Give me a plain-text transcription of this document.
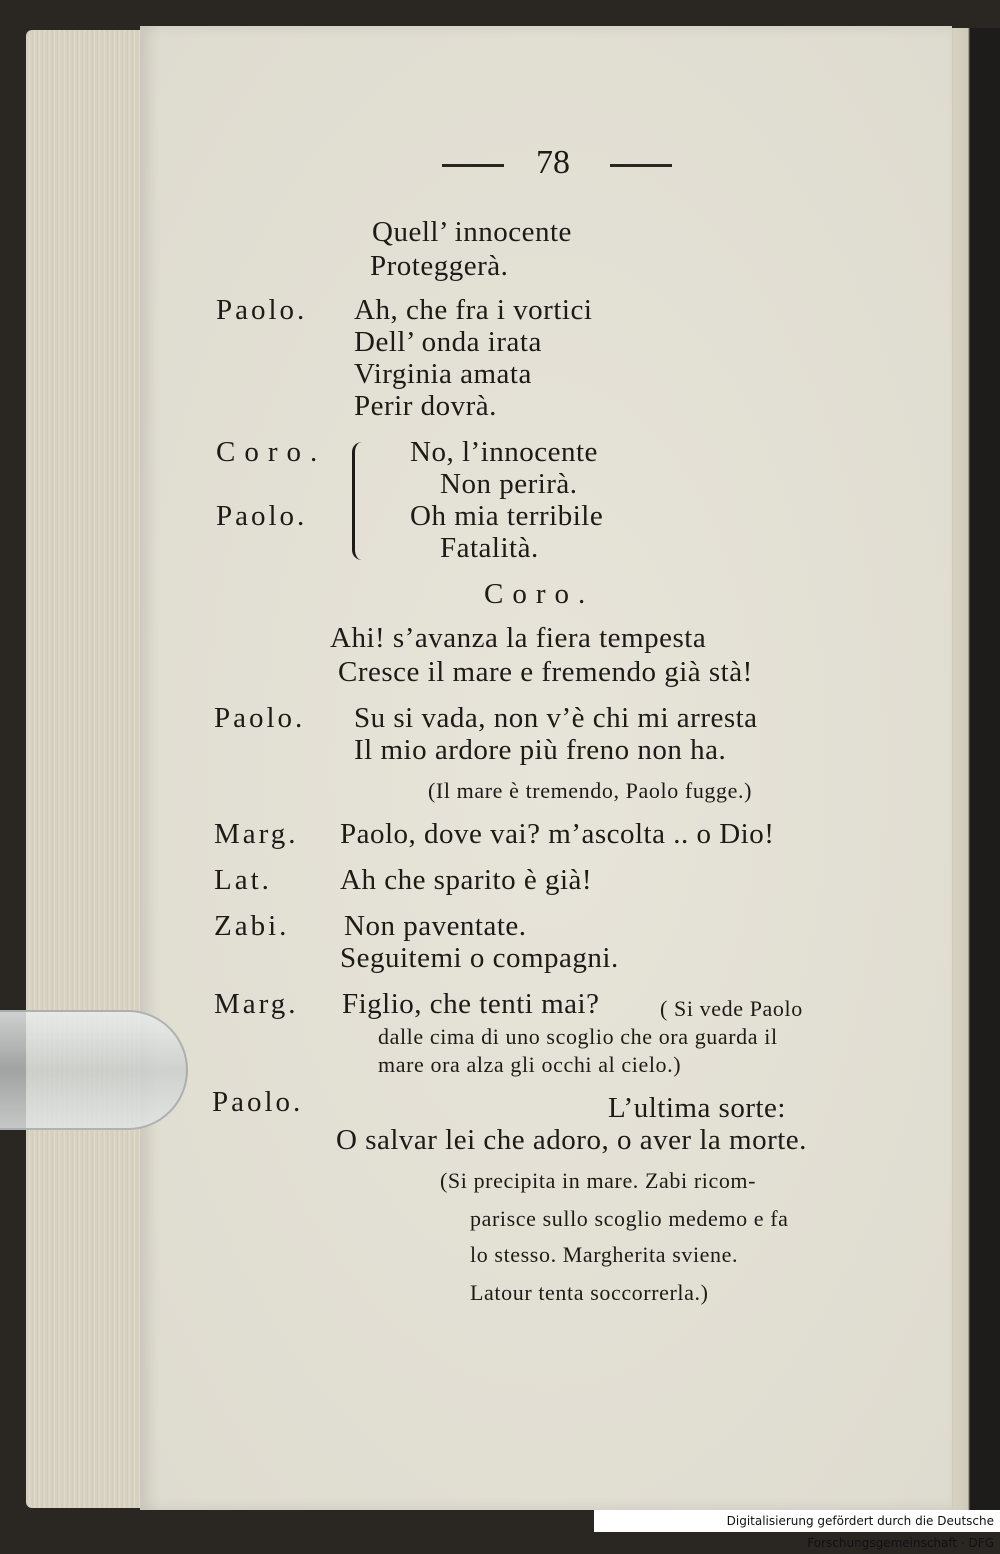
78
Quell’ innocente
Proteggerà.
Paolo. Ah, che fra i vortici
Dell’ onda irata
Virginia amata
Perir dovrà.
Coro.	No, l’innocente
Non perirà.
Paolo.	Oh mia terribile
Fatalità.
Coro.
Ahi! s’avanza la fiera tempesta
Cresce il mare e fremendo già stà!
Paolo. Su si vada, non v’è chi mi arresta
Il mio ardore più freno non ha.
(Il mare è tremendo, Paolo fugge.)
Marg. Paolo, dove vai? m’ascolta .. o Dio!
Lat. Ah che sparito è già!
Zabi. Non paventate.
Seguitemi o compagni.
Marg. Figlio, che tenti mai?	( Si vede Paolo
dalle cima di uno scoglio che ora guarda il
mare ora alza gli occhi al cielo.)
Paolo.	L’ultima sorte:
O salvar lei che adoro, o aver la morte.
(Si precipita in mare. Zabi ricom-
parisce sullo scoglio medemo e fa
lo stesso. Margherita sviene.
Latour tenta soccorrerla.)
Digitalisierung gefördert durch die Deutsche Forschungsgemeinschaft · DFG
